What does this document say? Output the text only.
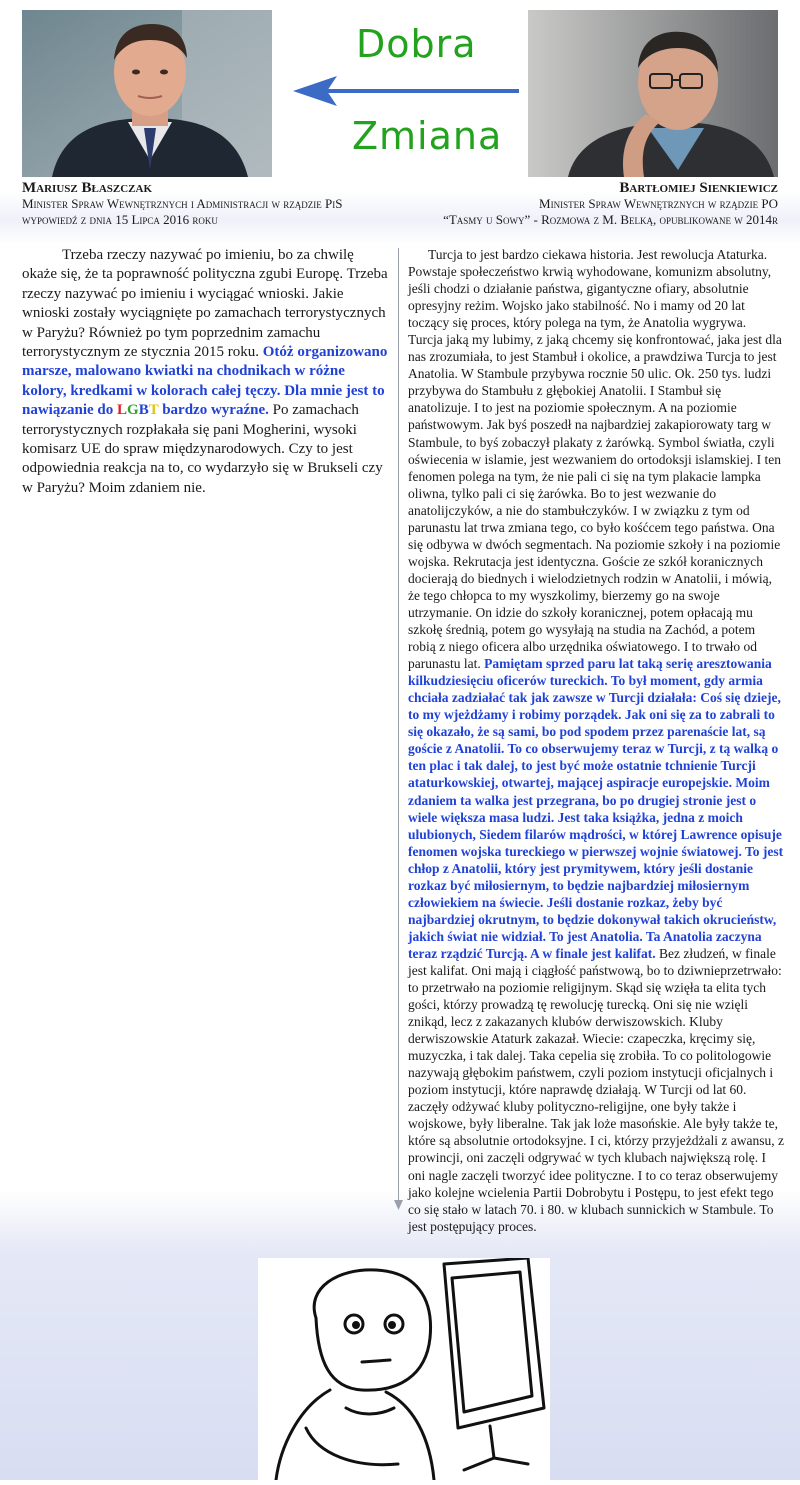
Dobra
Zmiana
Mariusz Błaszczak
Minister Spraw Wewnętrznych i Administracji w rządzie PiS
wypowiedź z dnia 15 Lipca 2016 roku
Bartłomiej Sienkiewicz
Minister Spraw Wewnętrznych w rządzie PO
“Tasmy u Sowy” - Rozmowa z M. Belką, opublikowane w 2014r

Trzeba rzeczy nazywać po imieniu, bo za chwilę okaże się, że ta poprawność polityczna zgubi Europę. Trzeba rzeczy nazywać po imieniu i wyciągać wnioski. Jakie wnioski zostały wyciągnięte po zamachach terrorystycznych w Paryżu? Również po tym poprzednim zamachu terrorystycznym ze stycznia 2015 roku. Otóż organizowano marsze, malowano kwiatki na chodnikach w różne kolory, kredkami w kolorach całej tęczy. Dla mnie jest to nawiązanie do LGBT bardzo wyraźne. Po zamachach terrorystycznych rozpłakała się pani Mogherini, wysoki komisarz UE do spraw międzynarodowych. Czy to jest odpowiednia reakcja na to, co wydarzyło się w Brukseli czy w Paryżu? Moim zdaniem nie.

Turcja to jest bardzo ciekawa historia. Jest rewolucja Ataturka. Powstaje społeczeństwo krwią wyhodowane, komunizm absolutny, jeśli chodzi o działanie państwa, gigantyczne ofiary, absolutnie opresyjny reżim. Wojsko jako stabilność. No i mamy od 20 lat toczący się proces, który polega na tym, że Anatolia wygrywa. Turcja jaką my lubimy, z jaką chcemy się konfrontować, jaka jest dla nas zrozumiała, to jest Stambuł i okolice, a prawdziwa Turcja to jest Anatolia. W Stambule przybywa rocznie 50 ulic. Ok. 250 tys. ludzi przybywa do Stambułu z głębokiej Anatolii. I Stambuł się anatolizuje. I to jest na poziomie społecznym. A na poziomie państwowym. Jak byś poszedł na najbardziej zakapiorowaty targ w Stambule, to byś zobaczył plakaty z żarówką. Symbol światła, czyli oświecenia w islamie, jest wezwaniem do ortodoksji islamskiej. I ten fenomen polega na tym, że nie pali ci się na tym plakacie lampka oliwna, tylko pali ci się żarówka. Bo to jest wezwanie do anatolijczyków, a nie do stambułczyków. I w związku z tym od parunastu lat trwa zmiana tego, co było kośćcem tego państwa. Ona się odbywa w dwóch segmentach. Na poziomie szkoły i na poziomie wojska. Rekrutacja jest identyczna. Goście ze szkół koranicznych docierają do biednych i wielodzietnych rodzin w Anatolii, i mówią, że tego chłopca to my wyszkolimy, bierzemy go na swoje utrzymanie. On idzie do szkoły koranicznej, potem opłacają mu szkołę średnią, potem go wysyłają na studia na Zachód, a potem robią z niego oficera albo urzędnika oświatowego. I to trwało od parunastu lat. Pamiętam sprzed paru lat taką serię aresztowania kilkudziesięciu oficerów tureckich. To był moment, gdy armia chciała zadziałać tak jak zawsze w Turcji działała: Coś się dzieje, to my wjeżdżamy i robimy porządek. Jak oni się za to zabrali to się okazało, że są sami, bo pod spodem przez parenaście lat, są goście z Anatolii. To co obserwujemy teraz w Turcji, z tą walką o ten plac i tak dalej, to jest być może ostatnie tchnienie Turcji ataturkowskiej, otwartej, mającej aspiracje europejskie. Moim zdaniem ta walka jest przegrana, bo po drugiej stronie jest o wiele większa masa ludzi. Jest taka książka, jedna z moich ulubionych, Siedem filarów mądrości, w której Lawrence opisuje fenomen wojska tureckiego w pierwszej wojnie światowej. To jest chłop z Anatolii, który jest prymitywem, który jeśli dostanie rozkaz być miłosiernym, to będzie najbardziej miłosiernym człowiekiem na świecie. Jeśli dostanie rozkaz, żeby być najbardziej okrutnym, to będzie dokonywał takich okrucieństw, jakich świat nie widział. To jest Anatolia. Ta Anatolia zaczyna teraz rządzić Turcją. A w finale jest kalifat. Bez złudzeń, w finale jest kalifat. Oni mają i ciągłość państwową, bo to dziwnieprzetrwało: to przetrwało na poziomie religijnym. Skąd się wzięła ta elita tych gości, którzy prowadzą tę rewolucję turecką. Oni się nie wzięli znikąd, lecz z zakazanych klubów derwiszowskich. Kluby derwiszowskie Ataturk zakazał. Wiecie: czapeczka, kręcimy się, muzyczka, i tak dalej. Taka cepelia się zrobiła. To co politologowie nazywają głębokim państwem, czyli poziom instytucji oficjalnych i poziom instytucji, które naprawdę działają. W Turcji od lat 60. zaczęły odżywać kluby polityczno-religijne, one były także i wojskowe, były liberalne. Tak jak loże masońskie. Ale były także te, które są absolutnie ortodoksyjne. I ci, którzy przyjeżdżali z awansu, z prowincji, oni zaczęli odgrywać w tych klubach największą rolę. I oni nagle zaczęli tworzyć idee polityczne. I to co teraz obserwujemy jako kolejne wcielenia Partii Dobrobytu i Postępu, to jest efekt tego co się stało w latach 70. i 80. w klubach sunnickich w Stambule. To jest postępujący proces.
